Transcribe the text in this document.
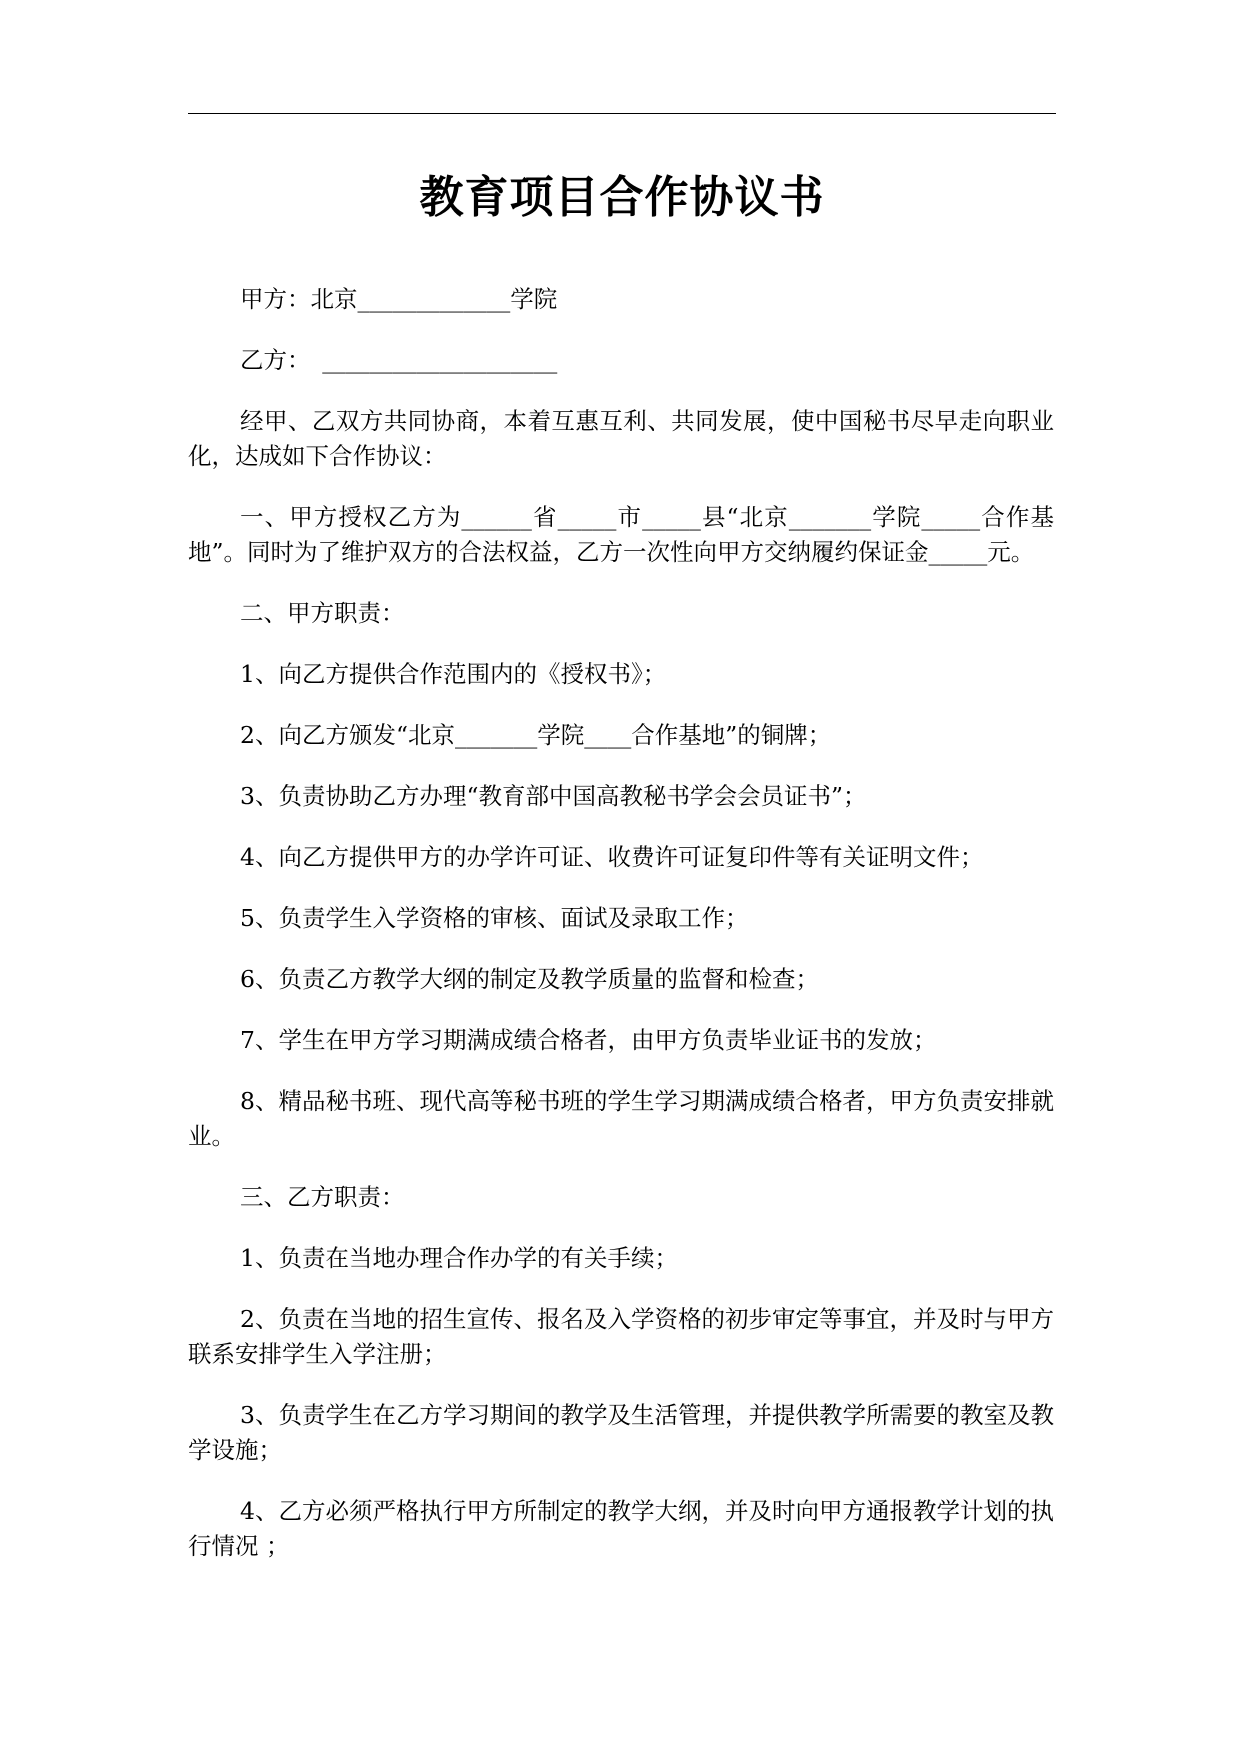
教育项目合作协议书

甲方：北京_____________学院

乙方：　____________________

经甲、乙双方共同协商，本着互惠互利、共同发展，使中国秘书尽早走向职业化，达成如下合作协议：

一、甲方授权乙方为______省_____市_____县“北京_______学院_____合作基地”。同时为了维护双方的合法权益，乙方一次性向甲方交纳履约保证金_____元。

二、甲方职责：

1、向乙方提供合作范围内的《授权书》；

2、向乙方颁发“北京_______学院____合作基地”的铜牌；

3、负责协助乙方办理“教育部中国高教秘书学会会员证书”；

4、向乙方提供甲方的办学许可证、收费许可证复印件等有关证明文件；

5、负责学生入学资格的审核、面试及录取工作；

6、负责乙方教学大纲的制定及教学质量的监督和检查；

7、学生在甲方学习期满成绩合格者，由甲方负责毕业证书的发放；

8、精品秘书班、现代高等秘书班的学生学习期满成绩合格者，甲方负责安排就业。

三、乙方职责：

1、负责在当地办理合作办学的有关手续；

2、负责在当地的招生宣传、报名及入学资格的初步审定等事宜，并及时与甲方联系安排学生入学注册；

3、负责学生在乙方学习期间的教学及生活管理，并提供教学所需要的教室及教学设施；

4、乙方必须严格执行甲方所制定的教学大纲，并及时向甲方通报教学计划的执行情况 ；
